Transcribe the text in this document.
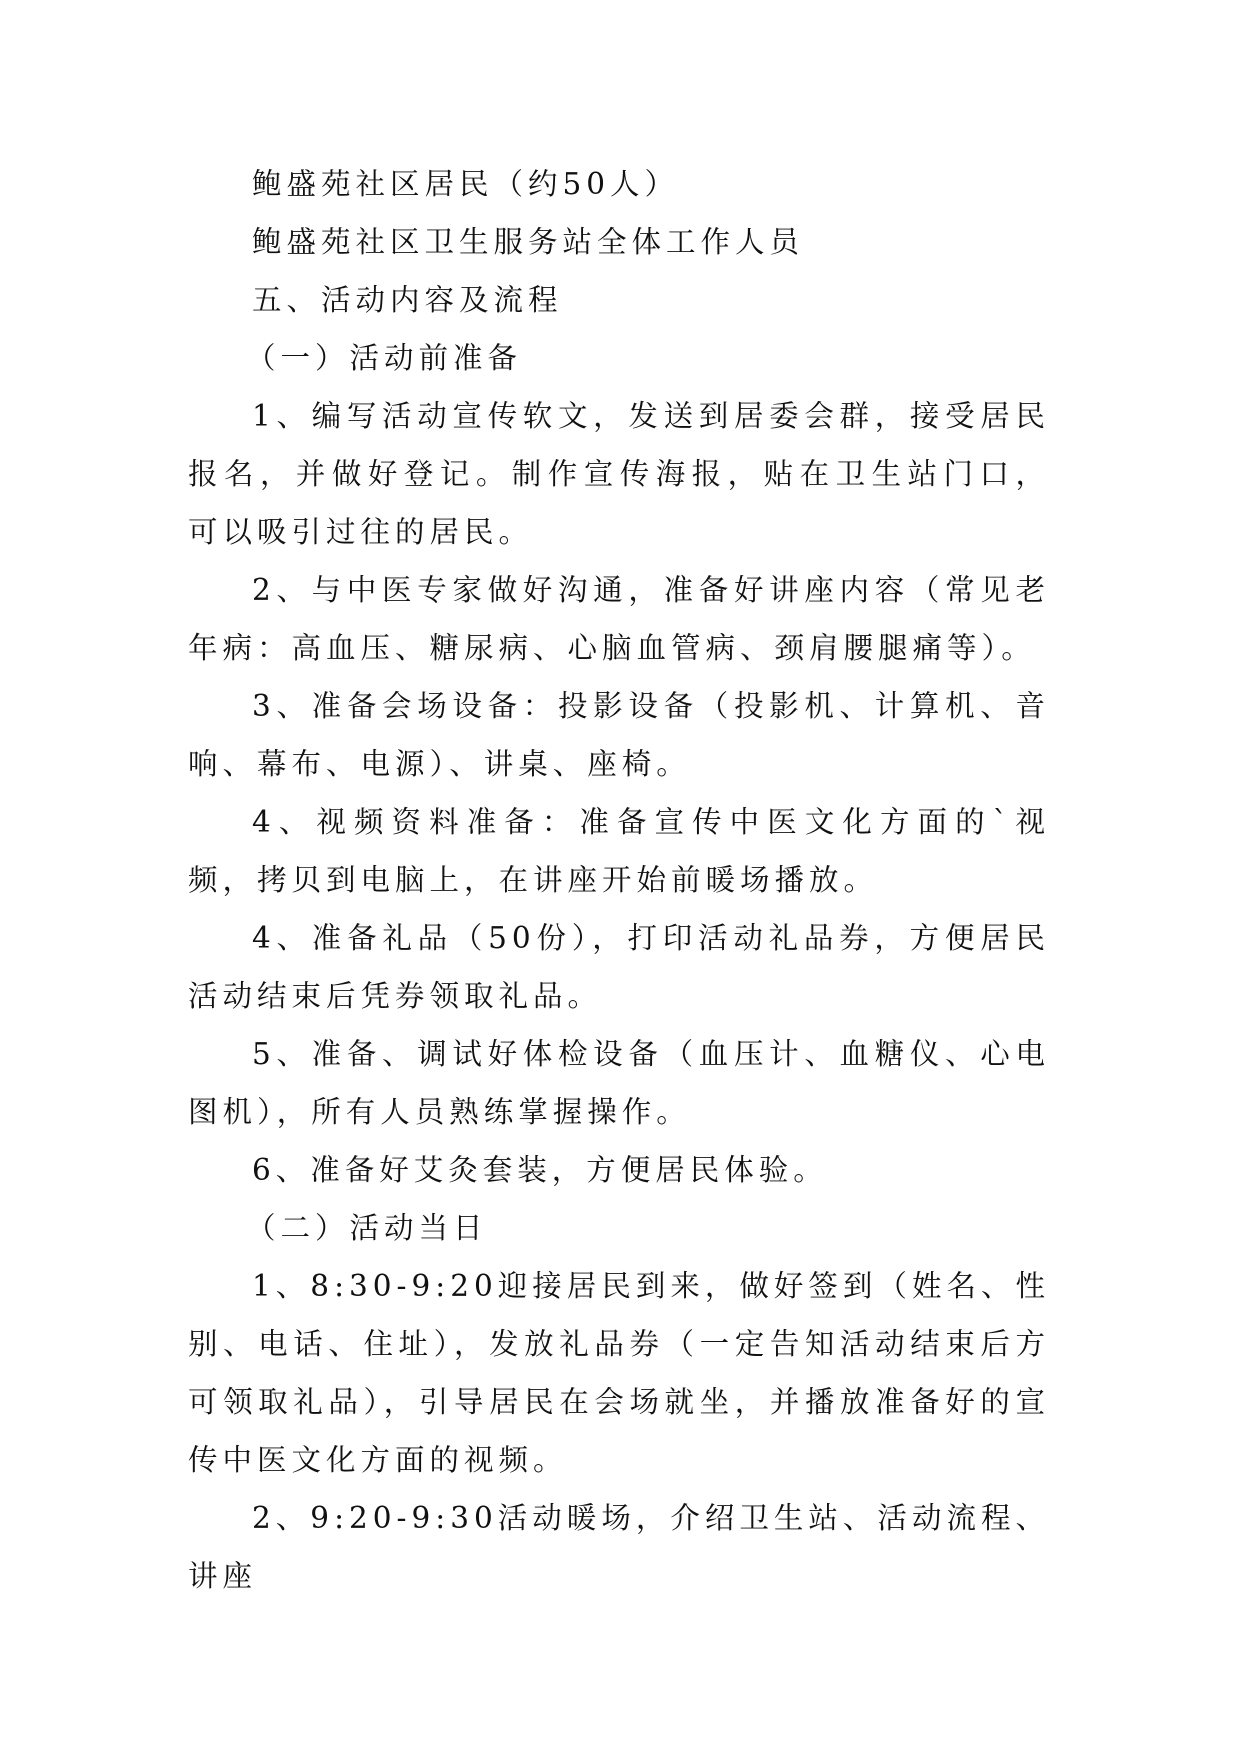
鲍盛苑社区居民（约50人）

鲍盛苑社区卫生服务站全体工作人员

五、活动内容及流程

（一）活动前准备

1、编写活动宣传软文，发送到居委会群，接受居民报名，并做好登记。制作宣传海报，贴在卫生站门口，可以吸引过往的居民。

2、与中医专家做好沟通，准备好讲座内容（常见老年病：高血压、糖尿病、心脑血管病、颈肩腰腿痛等）。

3、准备会场设备：投影设备（投影机、计算机、音响、幕布、电源）、讲桌、座椅。

4、视频资料准备：准备宣传中医文化方面的`视频，拷贝到电脑上，在讲座开始前暖场播放。

4、准备礼品（50份），打印活动礼品券，方便居民活动结束后凭券领取礼品。

5、准备、调试好体检设备（血压计、血糖仪、心电图机），所有人员熟练掌握操作。

6、准备好艾灸套装，方便居民体验。

（二）活动当日

1、8:30-9:20迎接居民到来，做好签到（姓名、性别、电话、住址），发放礼品券（一定告知活动结束后方可领取礼品），引导居民在会场就坐，并播放准备好的宣传中医文化方面的视频。

2、9:20-9:30活动暖场，介绍卫生站、活动流程、讲座
